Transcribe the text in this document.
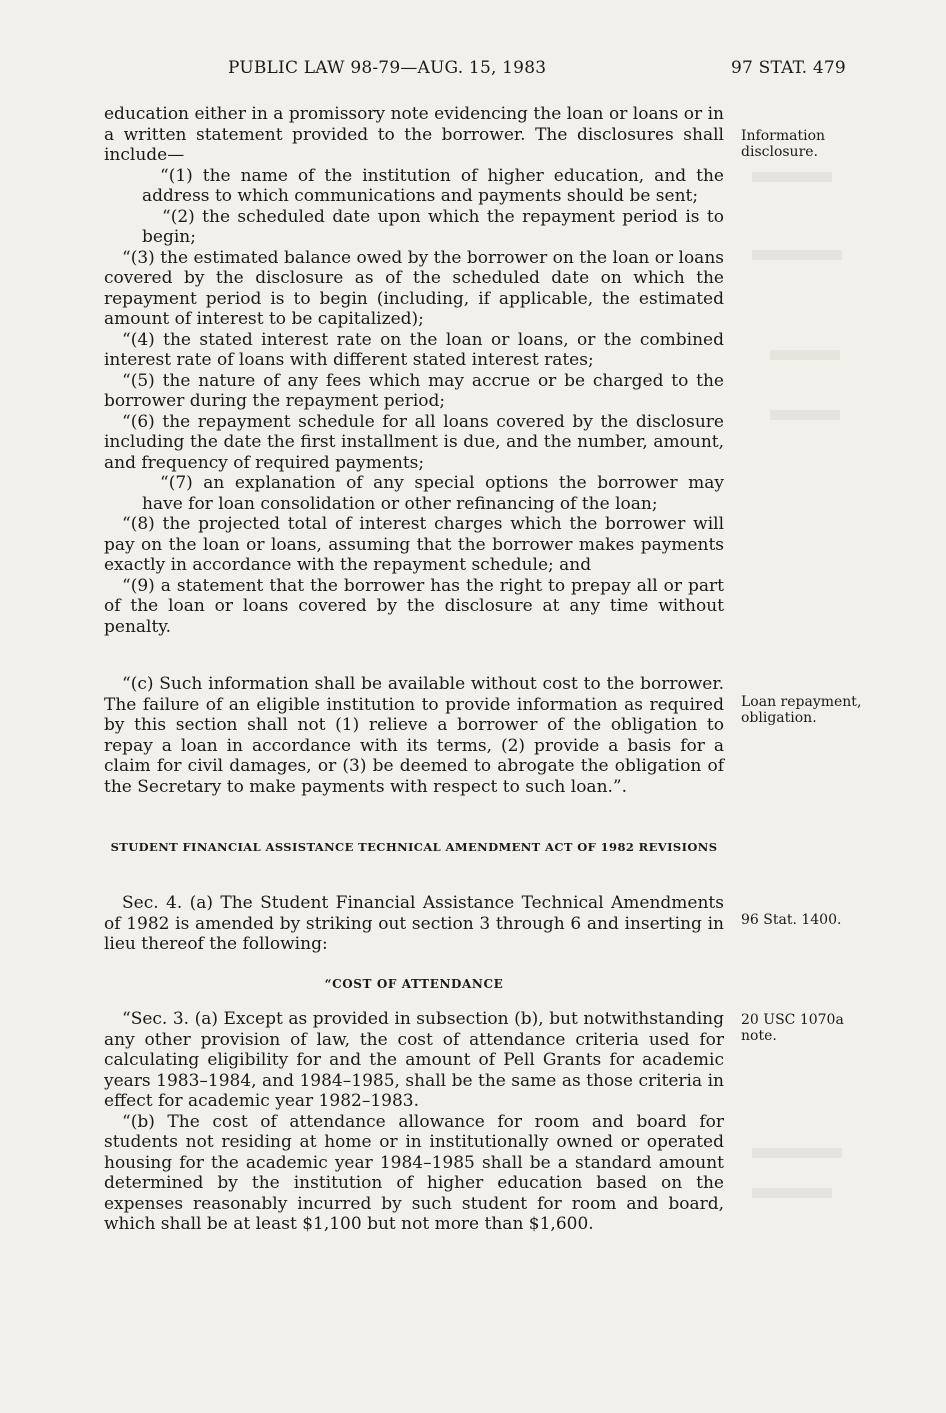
PUBLIC LAW 98-79—AUG. 15, 1983	97 STAT. 479

education either in a promissory note evidencing the loan or loans or in a written statement provided to the borrower. The disclosures shall include—

“(1) the name of the institution of higher education, and the address to which communications and payments should be sent;

“(2) the scheduled date upon which the repayment period is to begin;

“(3) the estimated balance owed by the borrower on the loan or loans covered by the disclosure as of the scheduled date on which the repayment period is to begin (including, if applicable, the estimated amount of interest to be capitalized);

“(4) the stated interest rate on the loan or loans, or the combined interest rate of loans with different stated interest rates;

“(5) the nature of any fees which may accrue or be charged to the borrower during the repayment period;

“(6) the repayment schedule for all loans covered by the disclosure including the date the first installment is due, and the number, amount, and frequency of required payments;

“(7) an explanation of any special options the borrower may have for loan consolidation or other refinancing of the loan;

“(8) the projected total of interest charges which the borrower will pay on the loan or loans, assuming that the borrower makes payments exactly in accordance with the repayment schedule; and

“(9) a statement that the borrower has the right to prepay all or part of the loan or loans covered by the disclosure at any time without penalty.

“(c) Such information shall be available without cost to the borrower. The failure of an eligible institution to provide information as required by this section shall not (1) relieve a borrower of the obligation to repay a loan in accordance with its terms, (2) provide a basis for a claim for civil damages, or (3) be deemed to abrogate the obligation of the Secretary to make payments with respect to such loan.”.

STUDENT FINANCIAL ASSISTANCE TECHNICAL AMENDMENT ACT OF 1982 REVISIONS

Sec. 4. (a) The Student Financial Assistance Technical Amendments of 1982 is amended by striking out section 3 through 6 and inserting in lieu thereof the following:

“COST OF ATTENDANCE

“Sec. 3. (a) Except as provided in subsection (b), but notwithstanding any other provision of law, the cost of attendance criteria used for calculating eligibility for and the amount of Pell Grants for academic years 1983–1984, and 1984–1985, shall be the same as those criteria in effect for academic year 1982–1983.

“(b) The cost of attendance allowance for room and board for students not residing at home or in institutionally owned or operated housing for the academic year 1984–1985 shall be a standard amount determined by the institution of higher education based on the expenses reasonably incurred by such student for room and board, which shall be at least $1,100 but not more than $1,600.

Information disclosure.
Loan repayment, obligation.
96 Stat. 1400.
20 USC 1070a note.
